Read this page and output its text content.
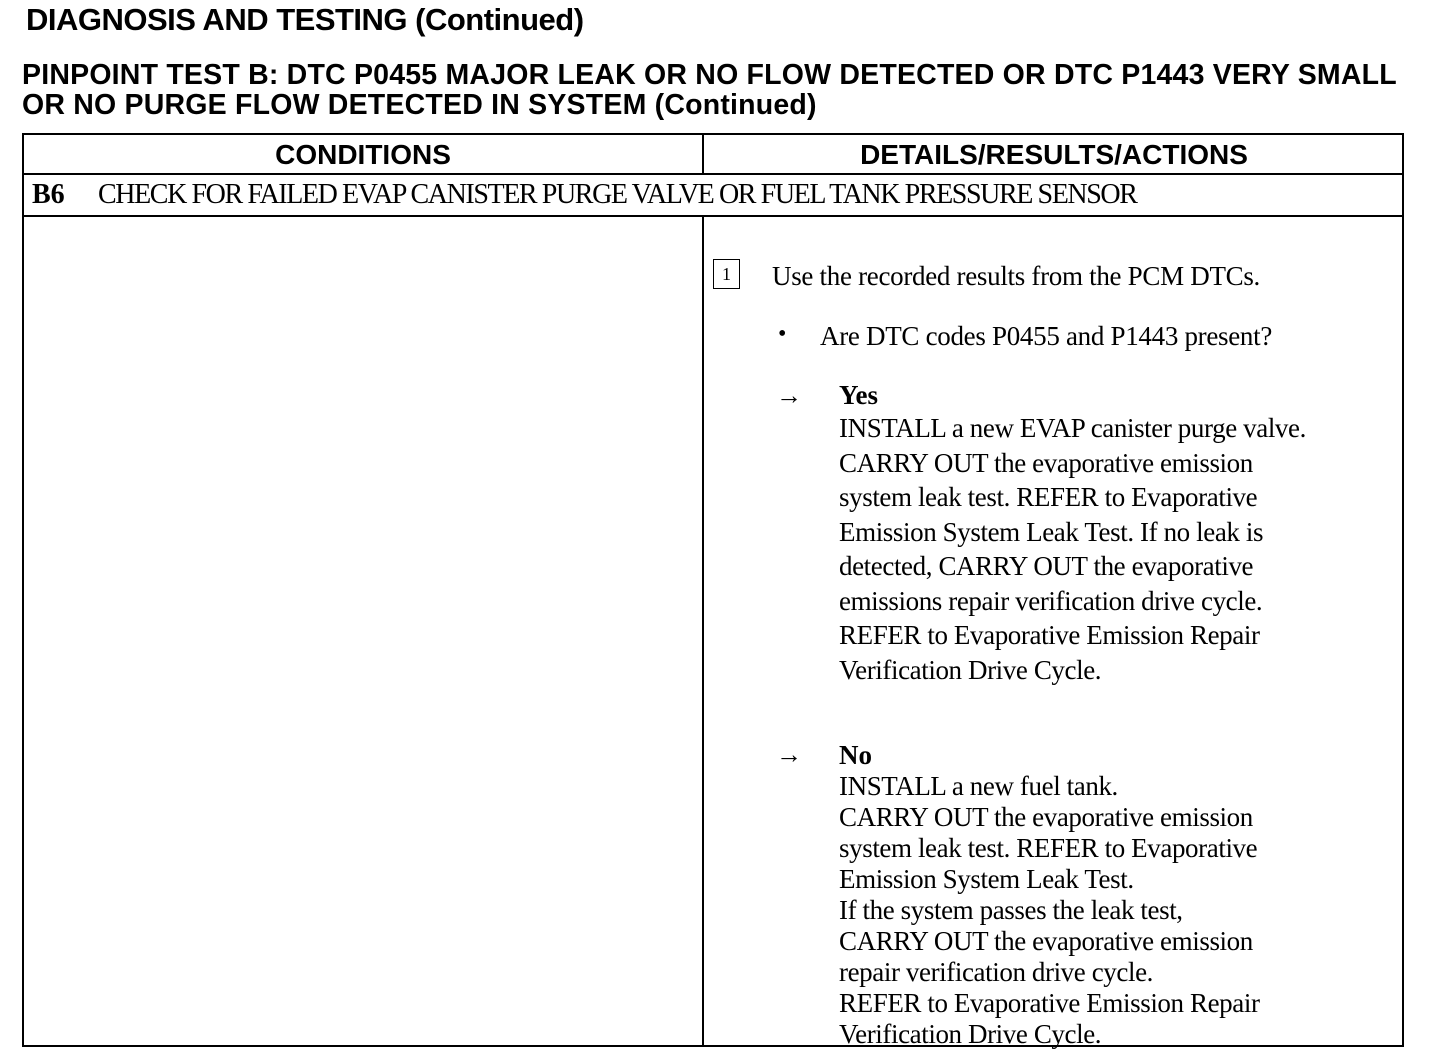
DIAGNOSIS AND TESTING (Continued)
PINPOINT TEST B: DTC P0455 MAJOR LEAK OR NO FLOW DETECTED OR DTC P1443 VERY SMALL OR NO PURGE FLOW DETECTED IN SYSTEM (Continued)
CONDITIONS	DETAILS/RESULTS/ACTIONS
B6 CHECK FOR FAILED EVAP CANISTER PURGE VALVE OR FUEL TANK PRESSURE SENSOR
1	Use the recorded results from the PCM DTCs.
• Are DTC codes P0455 and P1443 present?
→ Yes
INSTALL a new EVAP canister purge valve.
CARRY OUT the evaporative emission
system leak test. REFER to Evaporative
Emission System Leak Test. If no leak is
detected, CARRY OUT the evaporative
emissions repair verification drive cycle.
REFER to Evaporative Emission Repair
Verification Drive Cycle.
→ No
INSTALL a new fuel tank.
CARRY OUT the evaporative emission
system leak test. REFER to Evaporative
Emission System Leak Test.
If the system passes the leak test,
CARRY OUT the evaporative emission
repair verification drive cycle.
REFER to Evaporative Emission Repair
Verification Drive Cycle.
